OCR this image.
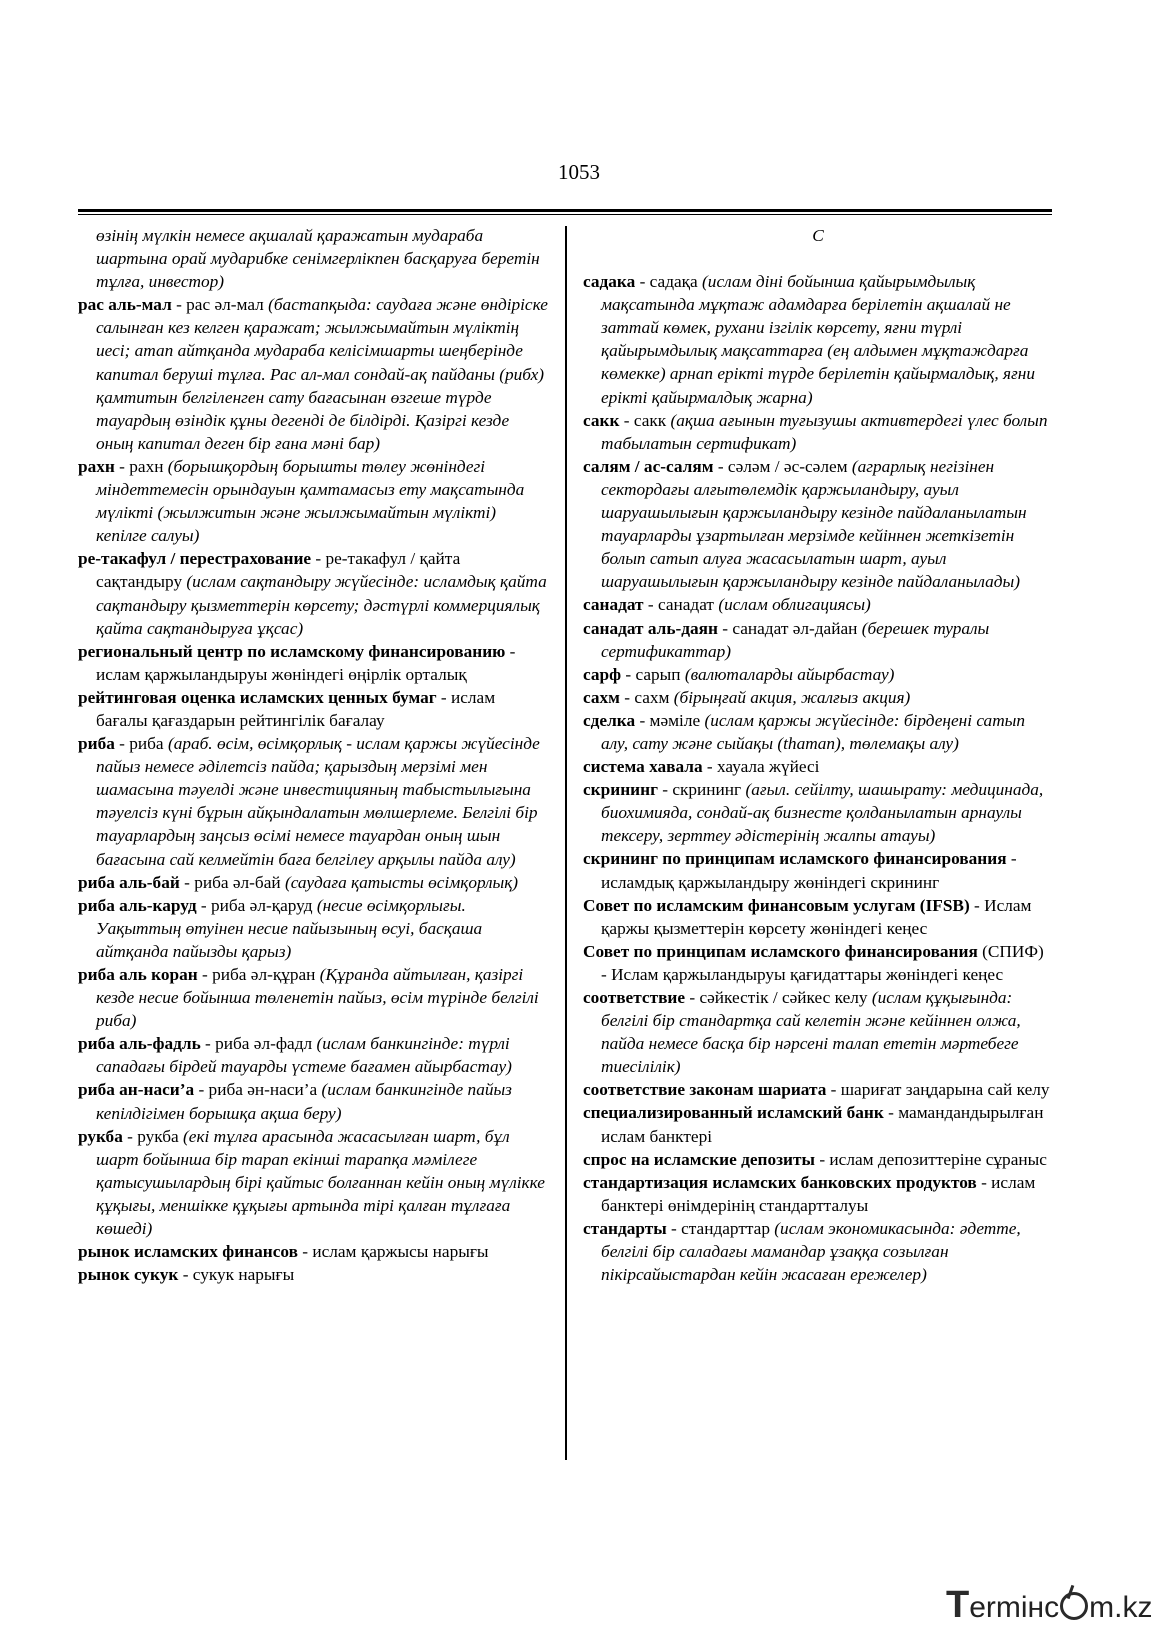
1053

өзінің мүлкін немесе ақшалай қаражатын мудараба шартына орай мударибке сенімгерлікпен басқаруға беретін тұлға, инвестор)

рас аль-мал - рас әл-мал (бастапқыда: саудаға және өндіріске салынған кез келген қаражат; жылжымайтын мүліктің иесі; атап айтқанда мудараба келісімшарты шеңберінде капитал беруші тұлға. Рас ал-мал сондай-ақ пайданы (рибх) қамтитын белгіленген сату бағасынан өзгеше түрде тауардың өзіндік құны дегенді де білдірді. Қазіргі кезде оның капитал деген бір ғана мәні бар)

рахн - рахн (борышқордың борышты төлеу жөніндегі міндеттемесін орындауын қамтамасыз ету мақсатында мүлікті (жылжитын және жылжымайтын мүлікті) кепілге салуы)

ре-такафул / перестрахование - ре-такафул / қайта сақтандыру (ислам сақтандыру жүйесінде: исламдық қайта сақтандыру қызметтерін көрсету; дәстүрлі коммерциялық қайта сақтандыруға ұқсас)

региональный центр по исламскому финансированию - ислам қаржыландыруы жөніндегі өңірлік орталық

рейтинговая оценка исламских ценных бумаг - ислам бағалы қағаздарын рейтингілік бағалау

риба - риба (араб. өсім, өсімқорлық - ислам қаржы жүйесінде пайыз немесе әділетсіз пайда; қарыздың мерзімі мен шамасына тәуелді және инвестицияның табыстылығына тәуелсіз күні бұрын айқындалатын мөлшерлеме. Белгілі бір тауарлардың заңсыз өсімі немесе тауардан оның шын бағасына сай келмейтін баға белгілеу арқылы пайда алу)

риба аль-бай - риба әл-бай (саудаға қатысты өсімқорлық)

риба аль-каруд - риба әл-қаруд (несие өсімқорлығы. Уақыттың өтуінен несие пайызының өсуі, басқаша айтқанда пайызды қарыз)

риба аль коран - риба әл-құран (Құранда айтылған, қазіргі кезде несие бойынша төленетін пайыз, өсім түрінде белгілі риба)

риба аль-фадль - риба әл-фадл (ислам банкингінде: түрлі сападағы бірдей тауарды үстеме бағамен айырбастау)

риба ан-наси’а - риба ән-наси’а (ислам банкингінде пайыз кепілдігімен борышқа ақша беру)

рукба - рукба (екі тұлға арасында жасасылған шарт, бұл шарт бойынша бір тарап екінші тарапқа мәмілеге қатысушылардың бірі қайтыс болғаннан кейін оның мүлікке құқығы, меншікке құқығы артында тірі қалған тұлғаға көшеді)

рынок исламских финансов - ислам қаржысы нарығы

рынок сукук - сукук нарығы

С

садака - садақа (ислам діні бойынша қайырымдылық мақсатында мұқтаж адамдарға берілетін ақшалай не заттай көмек, рухани ізгілік көрсету, яғни түрлі қайырымдылық мақсаттарға (ең алдымен мұқтаждарға көмекке) арнап ерікті түрде берілетін қайырмалдық, яғни ерікті қайырмалдық жарна)

сакк - сакк (ақша ағынын туғызушы активтердегі үлес болып табылатын сертификат)

салям / ас-салям - сәләм / әс-сәлем (аграрлық негізінен сектордағы алғытөлемдік қаржыландыру, ауыл шаруашылығын қаржыландыру кезінде пайдаланылатын тауарларды ұзартылған мерзімде кейіннен жеткізетін болып сатып алуға жасасылатын шарт, ауыл шаруашылығын қаржыландыру кезінде пайдаланылады)

санадат - санадат (ислам облигациясы)

санадат аль-даян - санадат әл-дайан (берешек туралы сертификаттар)

сарф - сарып (валюталарды айырбастау)

сахм - сахм (бірыңғай акция, жалғыз акция)

сделка - мәміле (ислам қаржы жүйесінде: бірдеңені сатып алу, сату және сыйақы (thaman), төлемақы алу)

система хавала - хауала жүйесі

скрининг - скрининг (ағыл. сейілту, шашырату: медицинада, биохимияда, сондай-ақ бизнесте қолданылатын арнаулы тексеру, зерттеу әдістерінің жалпы атауы)

скрининг по принципам исламского финансирования - исламдық қаржыландыру жөніндегі скрининг

Совет по исламским финансовым услугам (IFSB) - Ислам қаржы қызметтерін көрсету жөніндегі кеңес

Совет по принципам исламского финансирования (СПИФ) - Ислам қаржыландыруы қағидаттары жөніндегі кеңес

соответствие - сәйкестік / сәйкес келу (ислам құқығында: белгілі бір стандартқа сай келетін және кейіннен олжа, пайда немесе басқа бір нәрсені талап ететін мәртебеге тиесілілік)

соответствие законам шариата - шариғат заңдарына сай келу

специализированный исламский банк - мамандандырылған ислам банктері

спрос на исламские депозиты - ислам депозиттеріне сұраныс

стандартизация исламских банковских продуктов - ислам банктері өнімдерінің стандартталуы

стандарты - стандарттар (ислам экономикасында: әдетте, белгілі бір саладағы мамандар ұзаққа созылған пікірсайыстардан кейін жасаған ережелер)

Termінc m.kz
